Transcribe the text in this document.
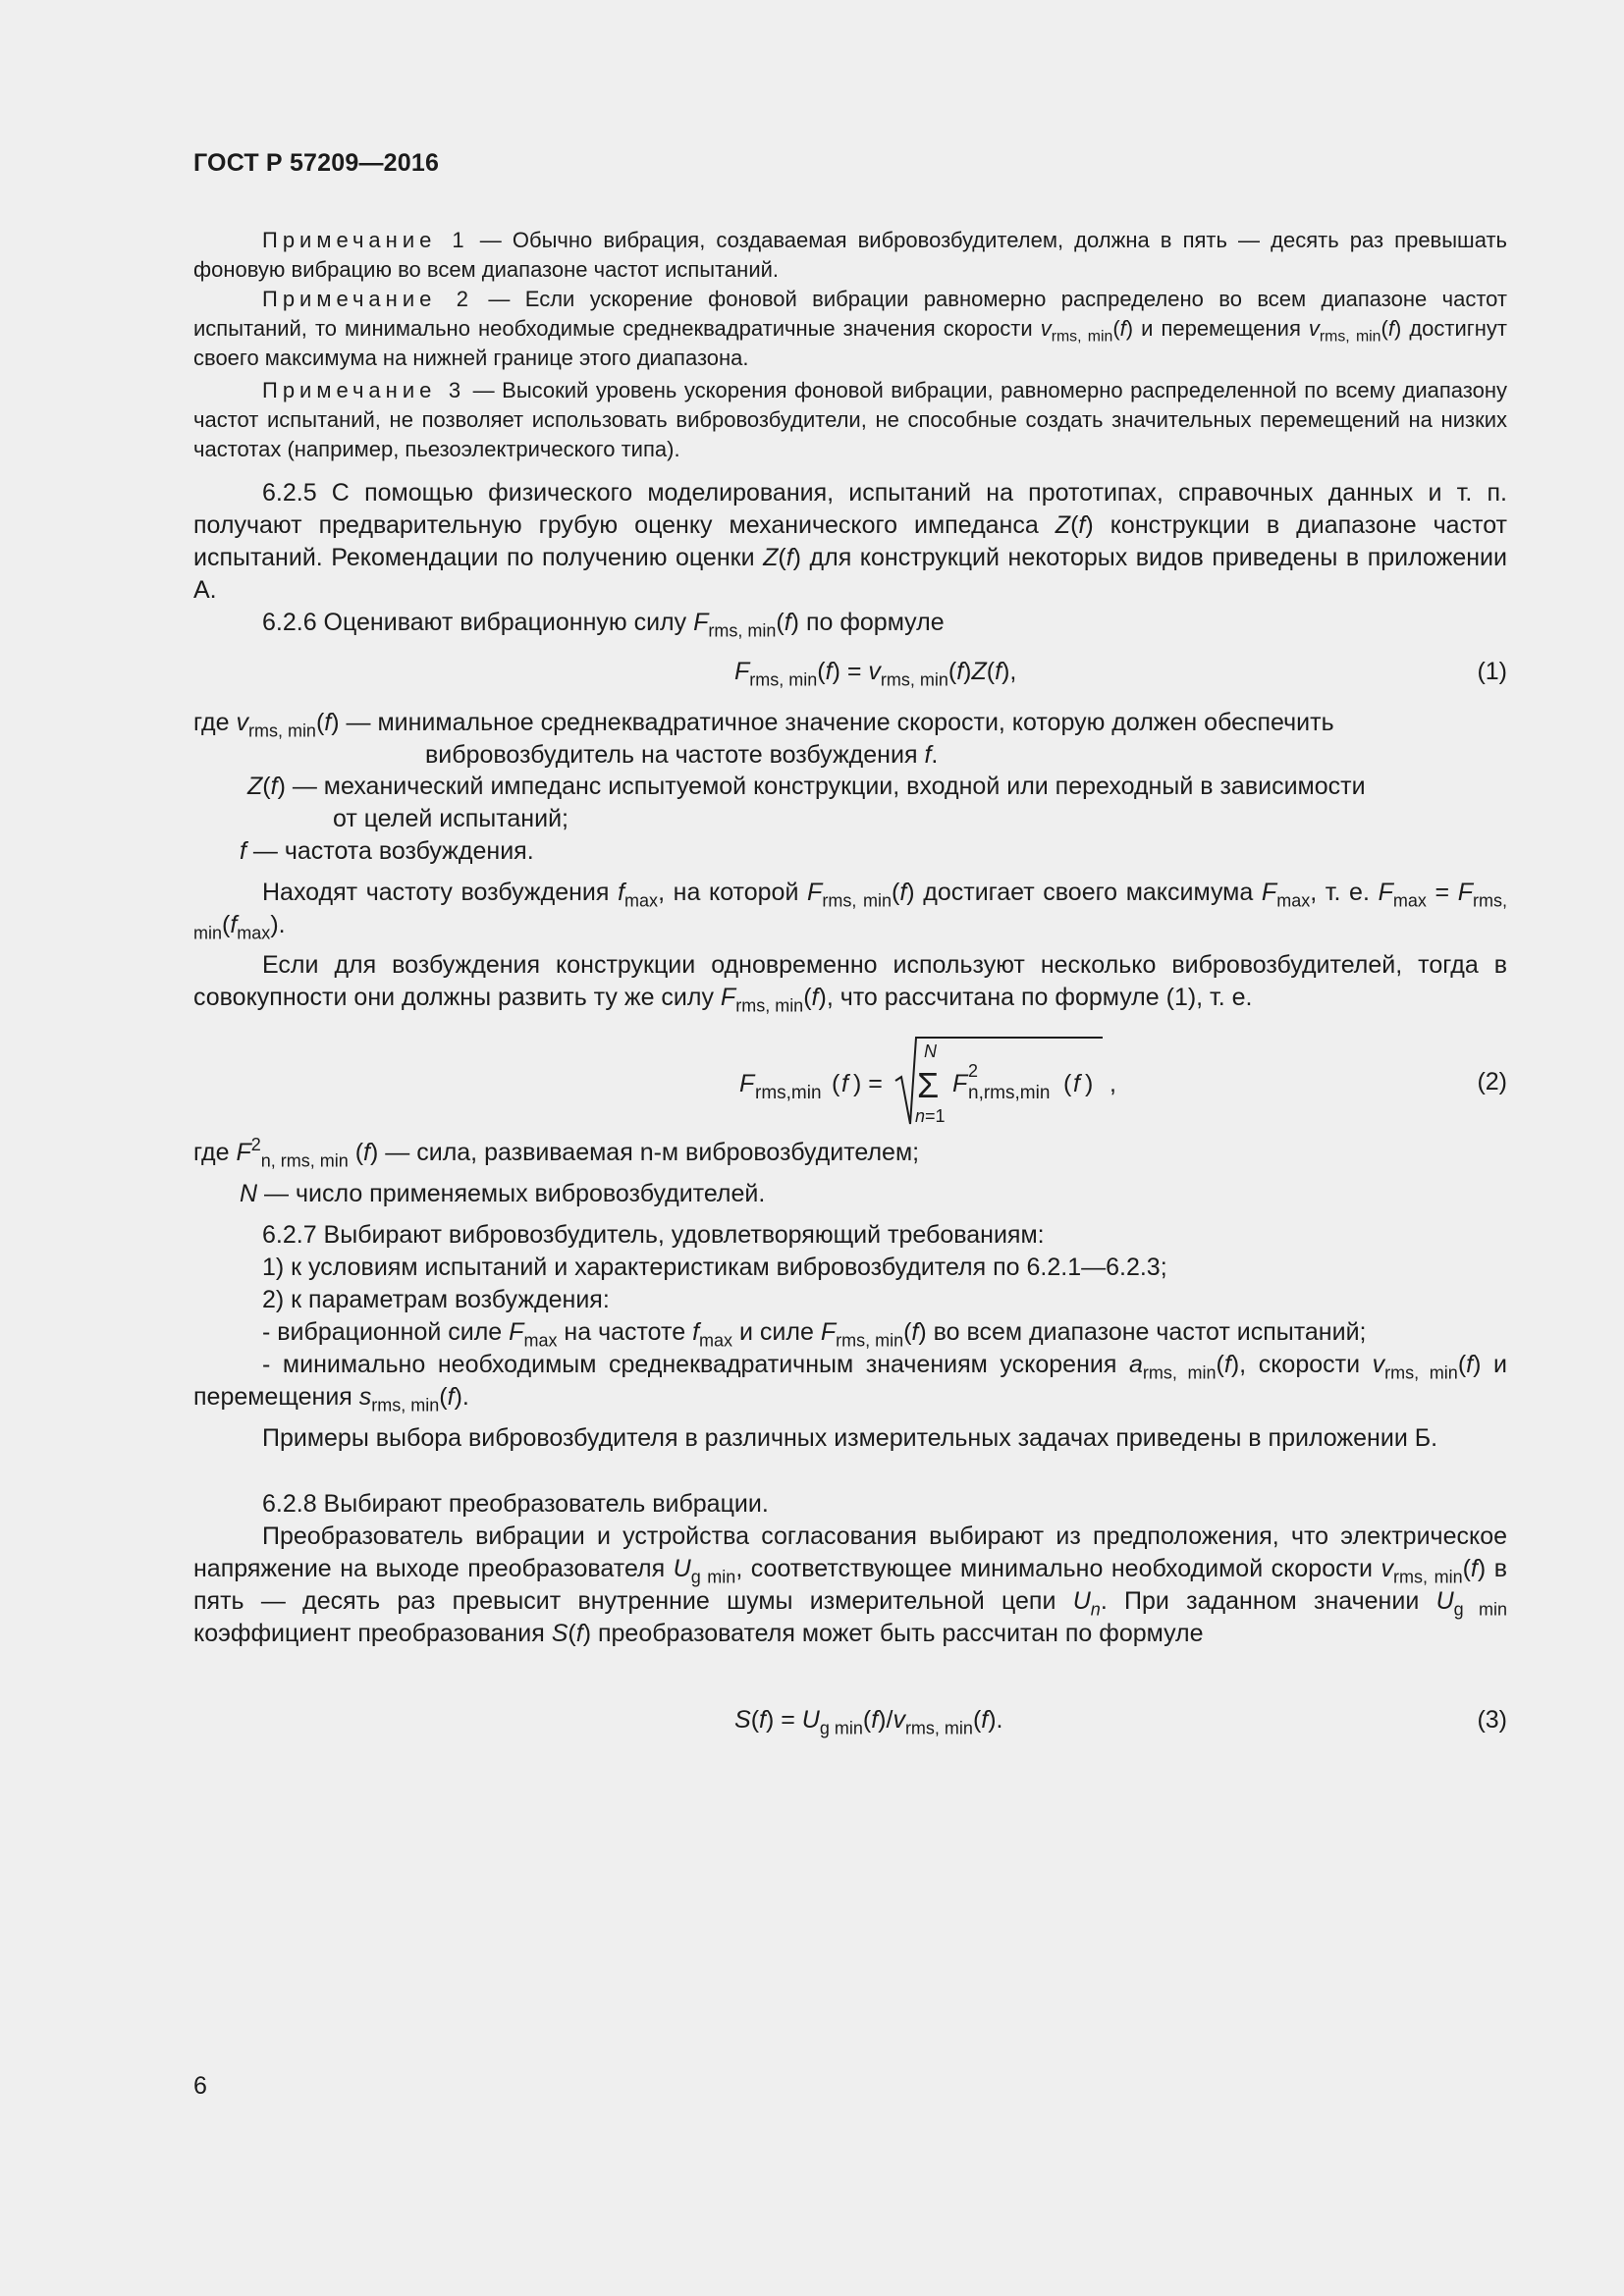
ГОСТ Р 57209—2016
Примечание 1 — Обычно вибрация, создаваемая вибровозбудителем, должна в пять — десять раз превышать фоновую вибрацию во всем диапазоне частот испытаний.
Примечание 2 — Если ускорение фоновой вибрации равномерно распределено во всем диапазоне частот испытаний, то минимально необходимые среднеквадратичные значения скорости $v_{rms, min}(f)$ и перемещения $v_{rms, min}(f)$ достигнут своего максимума на нижней границе этого диапазона.
Примечание 3 — Высокий уровень ускорения фоновой вибрации, равномерно распределенной по всему диапазону частот испытаний, не позволяет использовать вибровозбудители, не способные создать значительных перемещений на низких частотах (например, пьезоэлектрического типа).
6.2.5 С помощью физического моделирования, испытаний на прототипах, справочных данных и т. п. получают предварительную грубую оценку механического импеданса Z(f) конструкции в диапазоне частот испытаний. Рекомендации по получению оценки Z(f) для конструкций некоторых видов приведены в приложении А.
6.2.6 Оценивают вибрационную силу $F_{rms, min}(f)$ по формуле
$F_{rms, min}(f) = v_{rms, min}(f)Z(f)$,	(1)
где $v_{rms, min}(f)$ — минимальное среднеквадратичное значение скорости, которую должен обеспечить
вибровозбудитель на частоте возбуждения f.
Z(f) — механический импеданс испытуемой конструкции, входной или переходный в зависимости
от целей испытаний;
f — частота возбуждения.
Находят частоту возбуждения $f_{max}$, на которой $F_{rms, min}(f)$ достигает своего максимума $F_{max}$, т. е. $F_{max} = F_{rms, min}(f_{max})$.
Если для возбуждения конструкции одновременно используют несколько вибровозбудителей, тогда в совокупности они должны развить ту же силу $F_{rms, min}(f)$, что рассчитана по формуле (1), т. е.
F rms,min ( f ) =
N
Σ
n=1
F 2
n,rms,min ( f ) ,	(2)
где $F^2_{n, rms, min}$ (f) — сила, развиваемая n-м вибровозбудителем;
N — число применяемых вибровозбудителей.
6.2.7 Выбирают вибровозбудитель, удовлетворяющий требованиям:
1) к условиям испытаний и характеристикам вибровозбудителя по 6.2.1—6.2.3;
2) к параметрам возбуждения:
- вибрационной силе $F_{max}$ на частоте $f_{max}$ и силе $F_{rms, min}(f)$ во всем диапазоне частот испытаний;
- минимально необходимым среднеквадратичным значениям ускорения $a_{rms, min}(f)$, скорости $v_{rms, min}(f)$ и перемещения $s_{rms, min}(f)$.
Примеры выбора вибровозбудителя в различных измерительных задачах приведены в приложении Б.
6.2.8 Выбирают преобразователь вибрации.
Преобразователь вибрации и устройства согласования выбирают из предположения, что электрическое напряжение на выходе преобразователя $U_{g min}$, соответствующее минимально необходимой скорости $v_{rms, min}(f)$ в пять — десять раз превысит внутренние шумы измерительной цепи $U_n$. При заданном значении $U_{g min}$ коэффициент преобразования S(f) преобразователя может быть рассчитан по формуле
$S(f) = U_{g min}(f)/v_{rms, min}(f)$.	(3)
6
